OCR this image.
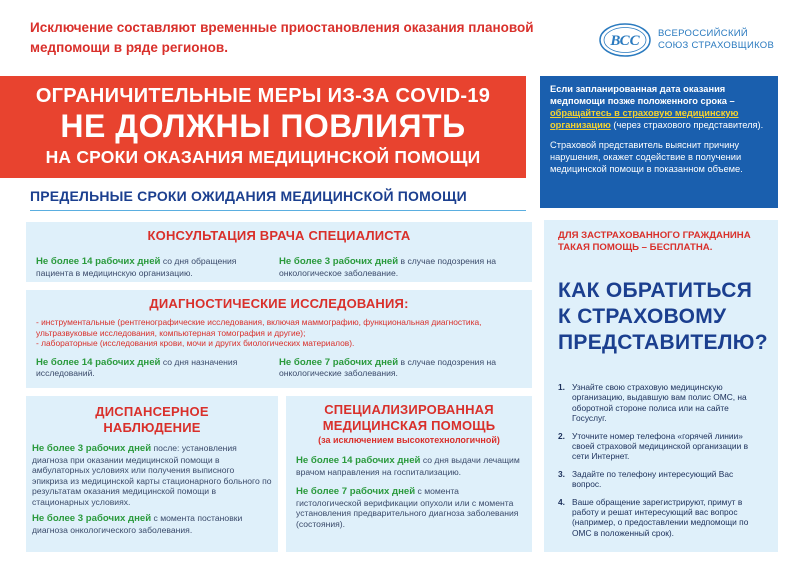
Исключение составляют временные приостановления оказания плановой медпомощи в ряде регионов.	ВСС ВСЕРОССИЙСКИЙ
СОЮЗ СТРАХОВЩИКОВ
ОГРАНИЧИТЕЛЬНЫЕ МЕРЫ ИЗ-ЗА COVID-19
НЕ ДОЛЖНЫ ПОВЛИЯТЬ
НА СРОКИ ОКАЗАНИЯ МЕДИЦИНСКОЙ ПОМОЩИ

Если запланированная дата оказания медпомощи позже положенного срока – обращайтесь в страховую медицинскую организацию (через страхового представителя).

Страховой представитель выяснит причину нарушения, окажет содействие в получении медицинской помощи в показанном объеме.

ПРЕДЕЛЬНЫЕ СРОКИ ОЖИДАНИЯ МЕДИЦИНСКОЙ ПОМОЩИ
КОНСУЛЬТАЦИЯ ВРАЧА СПЕЦИАЛИСТА
Не более 14 рабочих дней со дня обращения пациента в медицинскую организацию.
Не более 3 рабочих дней в случае подозрения на онкологическое заболевание.
ДИАГНОСТИЧЕСКИЕ ИССЛЕДОВАНИЯ:
- инструментальные (рентгенографические исследования, включая маммографию, функциональная диагностика, ультразвуковые исследования, компьютерная томография и другие);
- лабораторные (исследования крови, мочи и других биологических материалов).
Не более 14 рабочих дней со дня назначения исследований.
Не более 7 рабочих дней в случае подозрения на онкологические заболевания.
ДИСПАНСЕРНОЕ
НАБЛЮДЕНИЕ
Не более 3 рабочих дней после: установления диагноза при оказании медицинской помощи в амбулаторных условиях или получения выписного эпикриза из медицинской карты стационарного больного по результатам оказания медицинской помощи в стационарных условиях.
Не более 3 рабочих дней с момента постановки диагноза онкологического заболевания.
СПЕЦИАЛИЗИРОВАННАЯ
МЕДИЦИНСКАЯ ПОМОЩЬ
(за исключением высокотехнологичной)
Не более 14 рабочих дней со дня выдачи лечащим врачом направления на госпитализацию.
Не более 7 рабочих дней с момента гистологической верификации опухоли или с момента установления предварительного диагноза заболевания (состояния).
ДЛЯ ЗАСТРАХОВАННОГО ГРАЖДАНИНА ТАКАЯ ПОМОЩЬ – БЕСПЛАТНА.
КАК ОБРАТИТЬСЯ
К СТРАХОВОМУ
ПРЕДСТАВИТЕЛЮ?
1. Узнайте свою страховую медицинскую организацию, выдавшую вам полис ОМС, на оборотной стороне полиса или на сайте Госуслуг.
2. Уточните номер телефона «горячей линии» своей страховой медицинской организации в сети Интернет.
3. Задайте по телефону интересующий Вас вопрос.
4. Ваше обращение зарегистрируют, примут в работу и решат интересующий вас вопрос (например, о предоставлении медпомощи по ОМС в положенный срок).
